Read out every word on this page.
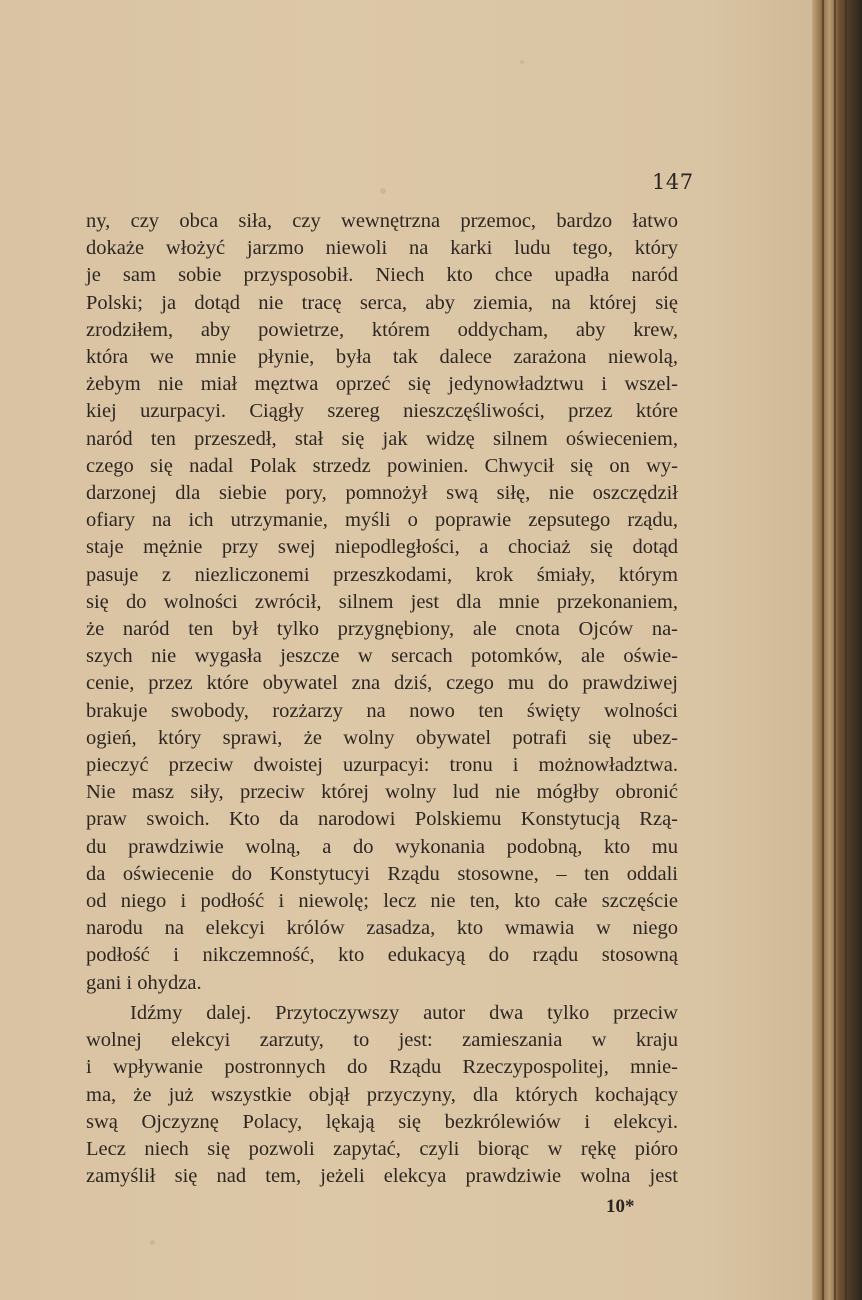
147
ny, czy obca siła, czy wewnętrzna przemoc, bardzo łatwo
dokaże włożyć jarzmo niewoli na karki ludu tego, który
je sam sobie przysposobił. Niech kto chce upadła naród
Polski; ja dotąd nie tracę serca, aby ziemia, na której się
zrodziłem, aby powietrze, którem oddycham, aby krew,
która we mnie płynie, była tak dalece zarażona niewolą,
żebym nie miał męztwa oprzeć się jedynowładztwu i wszel-
kiej uzurpacyi. Ciągły szereg nieszczęśliwości, przez które
naród ten przeszedł, stał się jak widzę silnem oświeceniem,
czego się nadal Polak strzedz powinien. Chwycił się on wy-
darzonej dla siebie pory, pomnożył swą siłę, nie oszczędził
ofiary na ich utrzymanie, myśli o poprawie zepsutego rządu,
staje mężnie przy swej niepodległości, a chociaż się dotąd
pasuje z niezliczonemi przeszkodami, krok śmiały, którym
się do wolności zwrócił, silnem jest dla mnie przekonaniem,
że naród ten był tylko przygnębiony, ale cnota Ojców na-
szych nie wygasła jeszcze w sercach potomków, ale oświe-
cenie, przez które obywatel zna dziś, czego mu do prawdziwej
brakuje swobody, rozżarzy na nowo ten święty wolności
ogień, który sprawi, że wolny obywatel potrafi się ubez-
pieczyć przeciw dwoistej uzurpacyi: tronu i możnowładztwa.
Nie masz siły, przeciw której wolny lud nie mógłby obronić
praw swoich. Kto da narodowi Polskiemu Konstytucją Rzą-
du prawdziwie wolną, a do wykonania podobną, kto mu
da oświecenie do Konstytucyi Rządu stosowne, – ten oddali
od niego i podłość i niewolę; lecz nie ten, kto całe szczęście
narodu na elekcyi królów zasadza, kto wmawia w niego
podłość i nikczemność, kto edukacyą do rządu stosowną
gani i ohydza.
Idźmy dalej. Przytoczywszy autor dwa tylko przeciw
wolnej elekcyi zarzuty, to jest: zamieszania w kraju
i wpływanie postronnych do Rządu Rzeczypospolitej, mnie-
ma, że już wszystkie objął przyczyny, dla których kochający
swą Ojczyznę Polacy, lękają się bezkrólewiów i elekcyi.
Lecz niech się pozwoli zapytać, czyli biorąc w rękę pióro
zamyślił się nad tem, jeżeli elekcya prawdziwie wolna jest
10*
